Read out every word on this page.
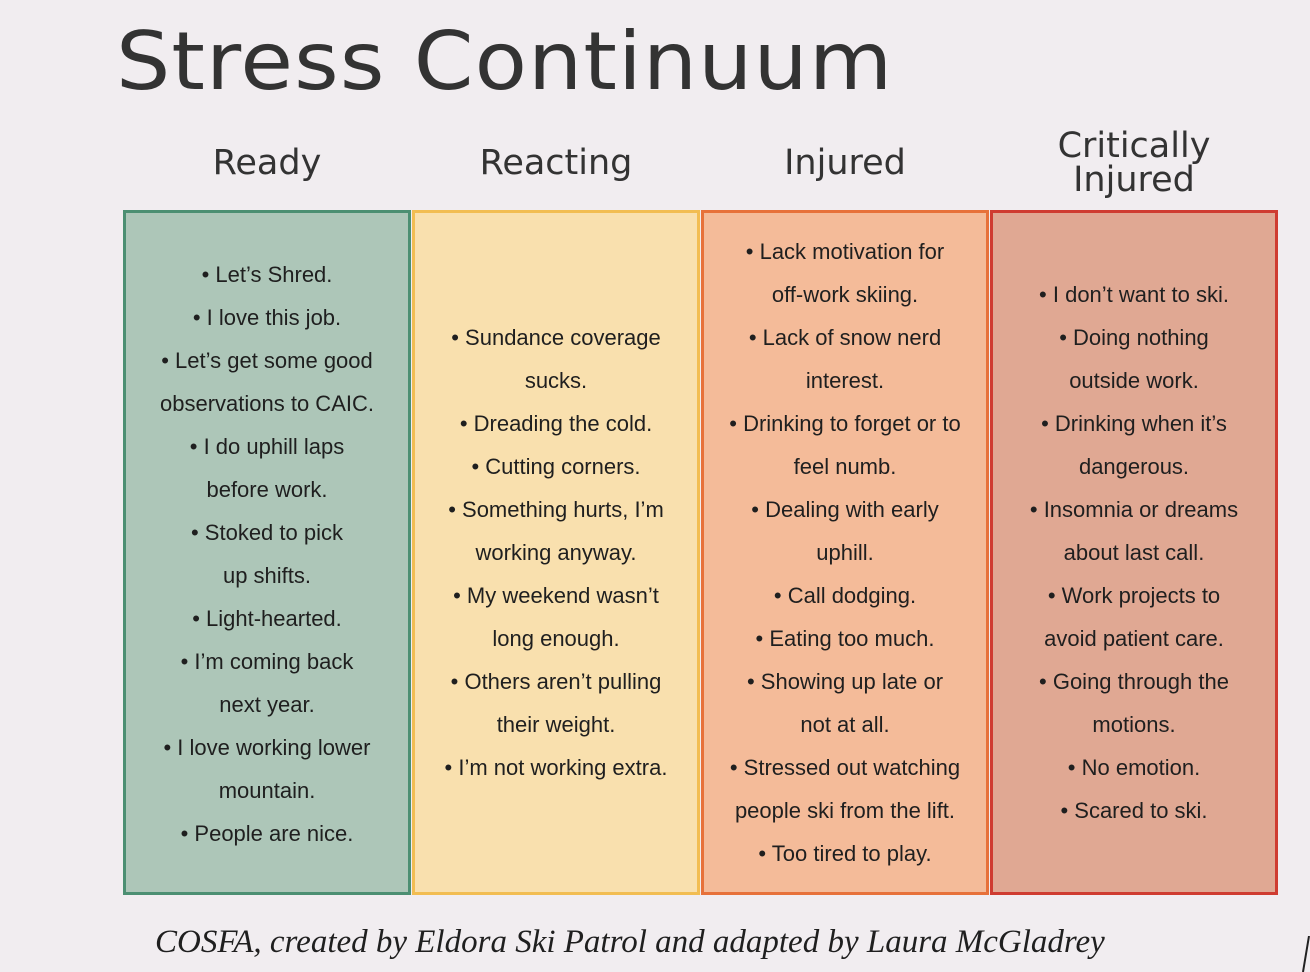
Stress Continuum
Ready	Reacting	Injured	Critically
Injured
• Let’s Shred.
• I love this job.
• Let’s get some good
observations to CAIC.
• I do uphill laps
before work.
• Stoked to pick
up shifts.
• Light-hearted.
• I’m coming back
next year.
• I love working lower
mountain.
• People are nice.
• Sundance coverage
sucks.
• Dreading the cold.
• Cutting corners.
• Something hurts, I’m
working anyway.
• My weekend wasn’t
long enough.
• Others aren’t pulling
their weight.
• I’m not working extra.
• Lack motivation for
off-work skiing.
• Lack of snow nerd
interest.
• Drinking to forget or to
feel numb.
• Dealing with early
uphill.
• Call dodging.
• Eating too much.
• Showing up late or
not at all.
• Stressed out watching
people ski from the lift.
• Too tired to play.
• I don’t want to ski.
• Doing nothing
outside work.
• Drinking when it’s
dangerous.
• Insomnia or dreams
about last call.
• Work projects to
avoid patient care.
• Going through the
motions.
• No emotion.
• Scared to ski.
COSFA, created by Eldora Ski Patrol and adapted by Laura McGladrey
